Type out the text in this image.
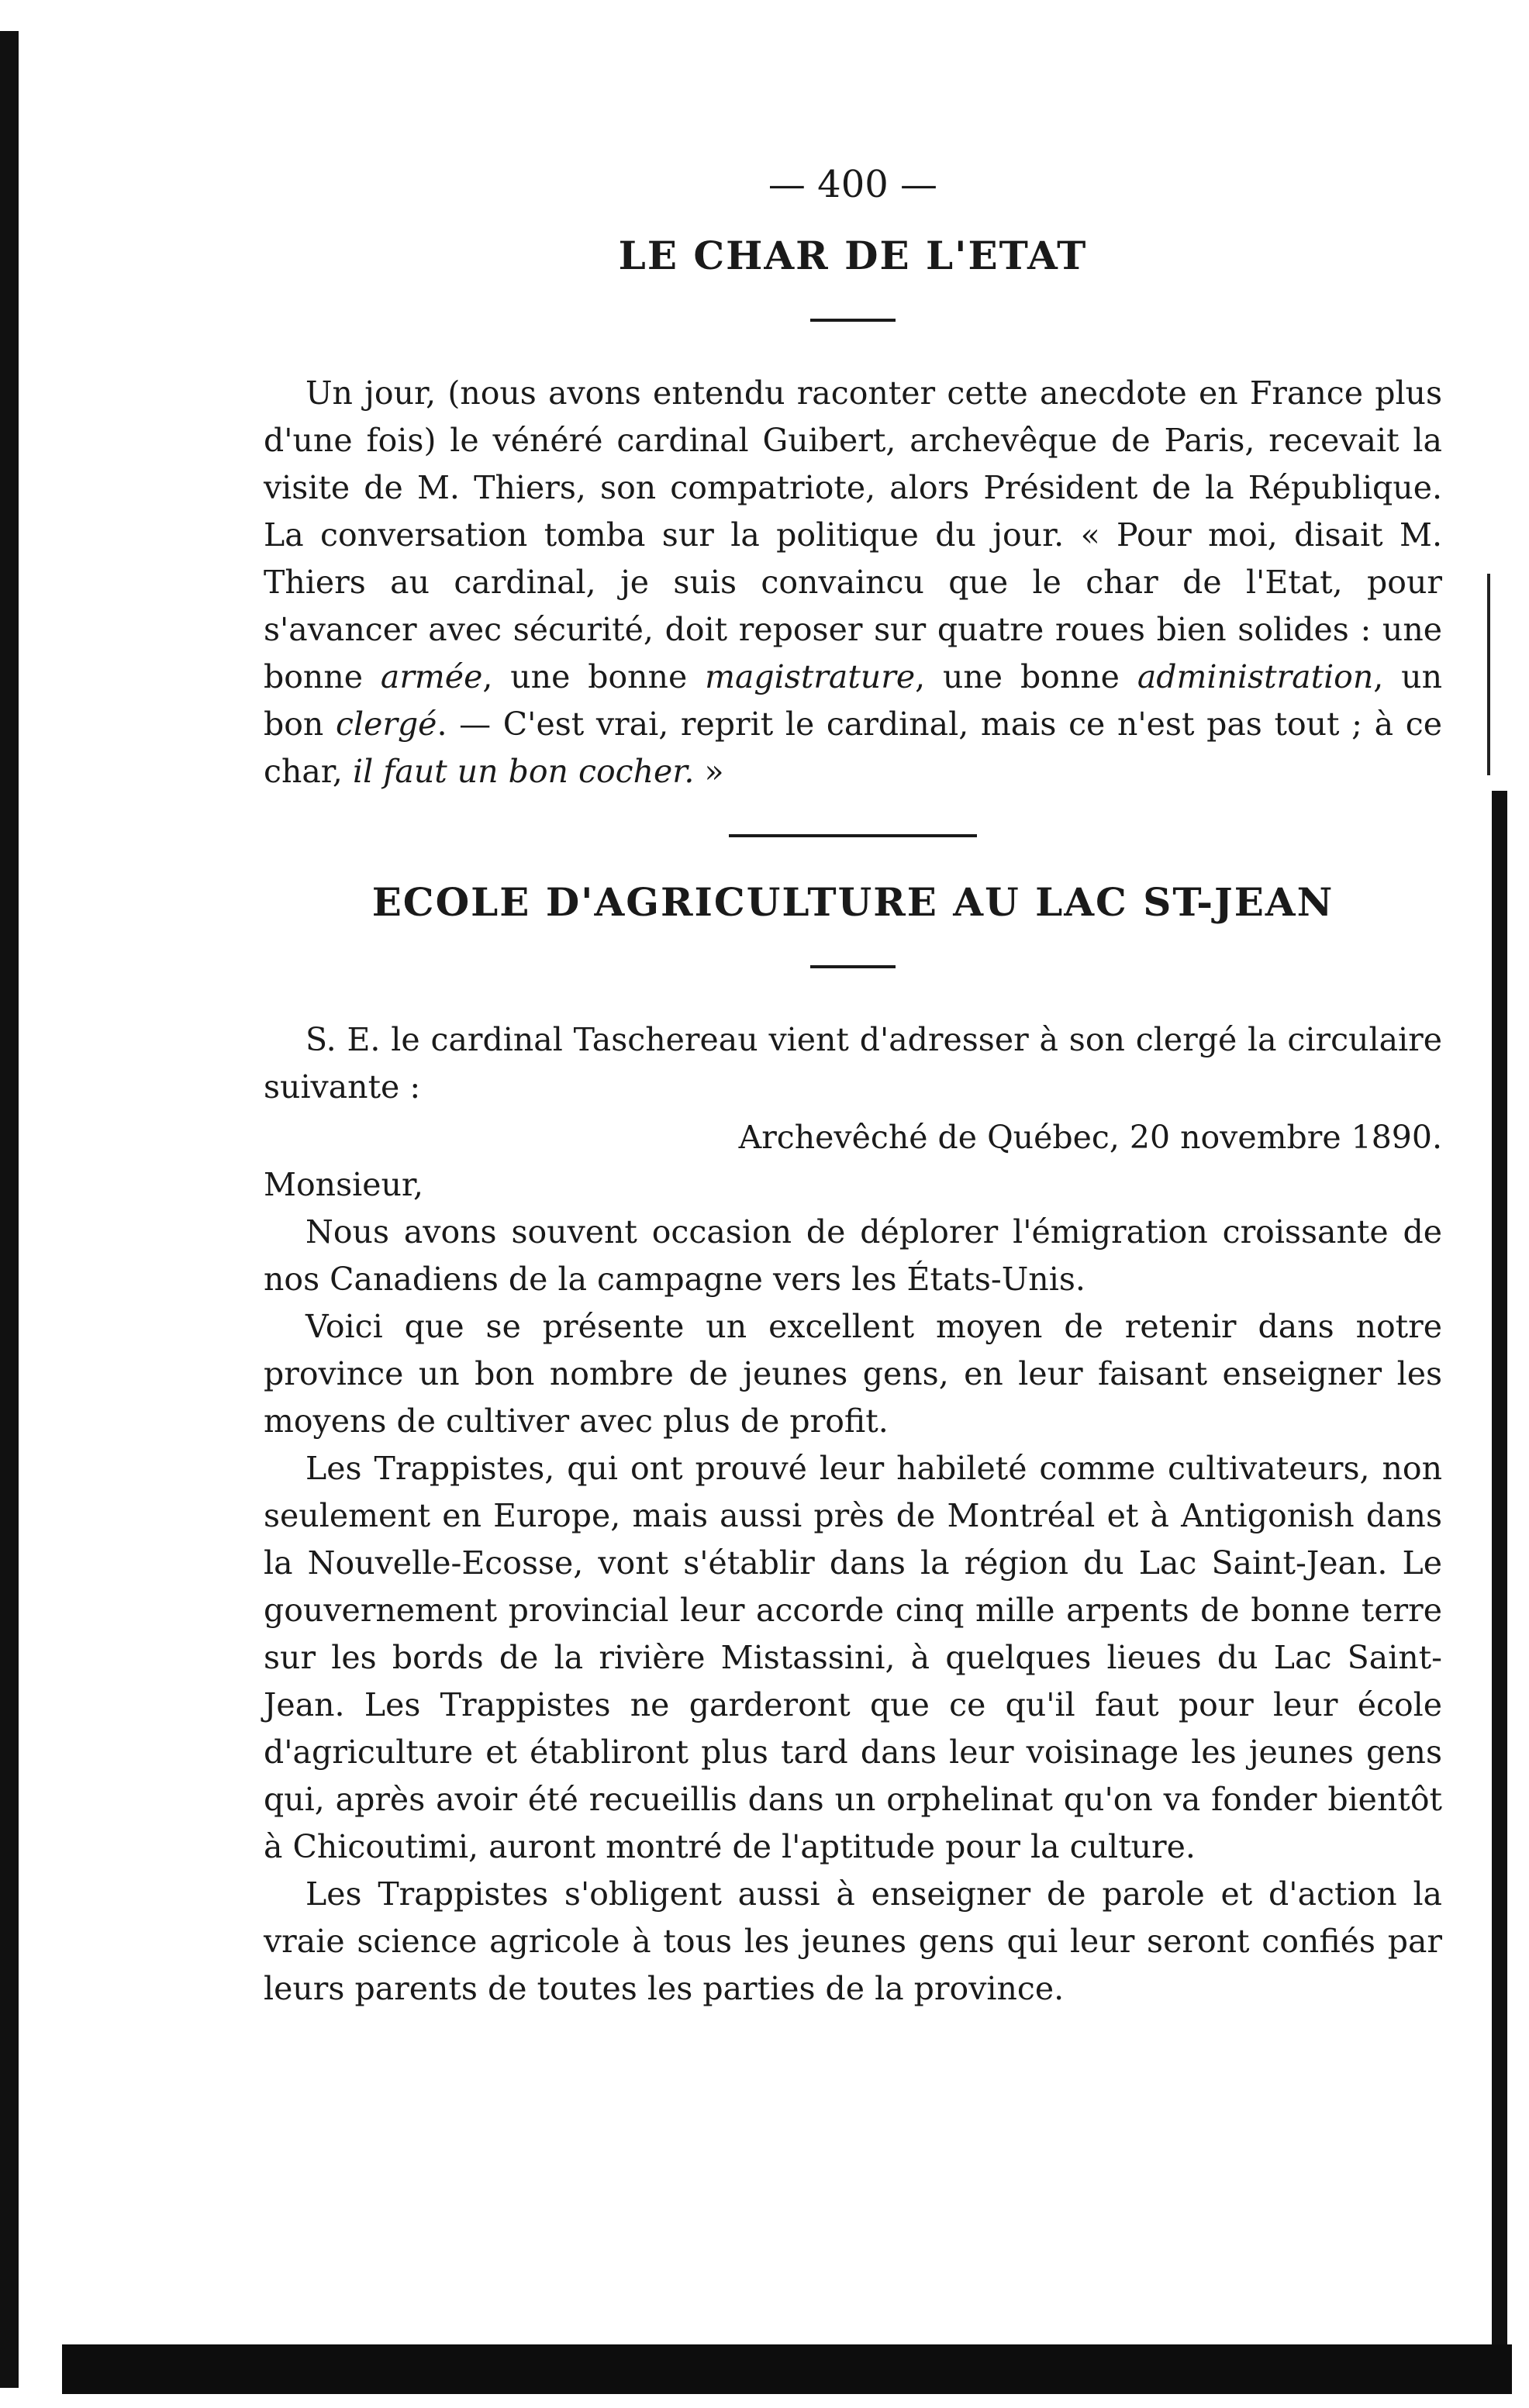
— 400 —
LE CHAR DE L'ETAT

Un jour, (nous avons entendu raconter cette anecdote en France plus d'une fois) le vénéré cardinal Guibert, archevêque de Paris, recevait la visite de M. Thiers, son compatriote, alors Président de la République. La conversation tomba sur la politique du jour. « Pour moi, disait M. Thiers au cardinal, je suis convaincu que le char de l'Etat, pour s'avancer avec sécurité, doit reposer sur quatre roues bien solides : une bonne armée, une bonne magistrature, une bonne administration, un bon clergé. — C'est vrai, reprit le cardinal, mais ce n'est pas tout ; à ce char, il faut un bon cocher. »

ECOLE D'AGRICULTURE AU LAC ST-JEAN

S. E. le cardinal Taschereau vient d'adresser à son clergé la circulaire suivante :

Archevêché de Québec, 20 novembre 1890.

Monsieur,

Nous avons souvent occasion de déplorer l'émigration croissante de nos Canadiens de la campagne vers les États-Unis.

Voici que se présente un excellent moyen de retenir dans notre province un bon nombre de jeunes gens, en leur faisant enseigner les moyens de cultiver avec plus de profit.

Les Trappistes, qui ont prouvé leur habileté comme cultivateurs, non seulement en Europe, mais aussi près de Montréal et à Antigonish dans la Nouvelle-Ecosse, vont s'établir dans la région du Lac Saint-Jean. Le gouvernement provincial leur accorde cinq mille arpents de bonne terre sur les bords de la rivière Mistassini, à quelques lieues du Lac Saint-Jean. Les Trappistes ne garderont que ce qu'il faut pour leur école d'agriculture et établiront plus tard dans leur voisinage les jeunes gens qui, après avoir été recueillis dans un orphelinat qu'on va fonder bientôt à Chicoutimi, auront montré de l'aptitude pour la culture.

Les Trappistes s'obligent aussi à enseigner de parole et d'action la vraie science agricole à tous les jeunes gens qui leur seront confiés par leurs parents de toutes les parties de la province.
